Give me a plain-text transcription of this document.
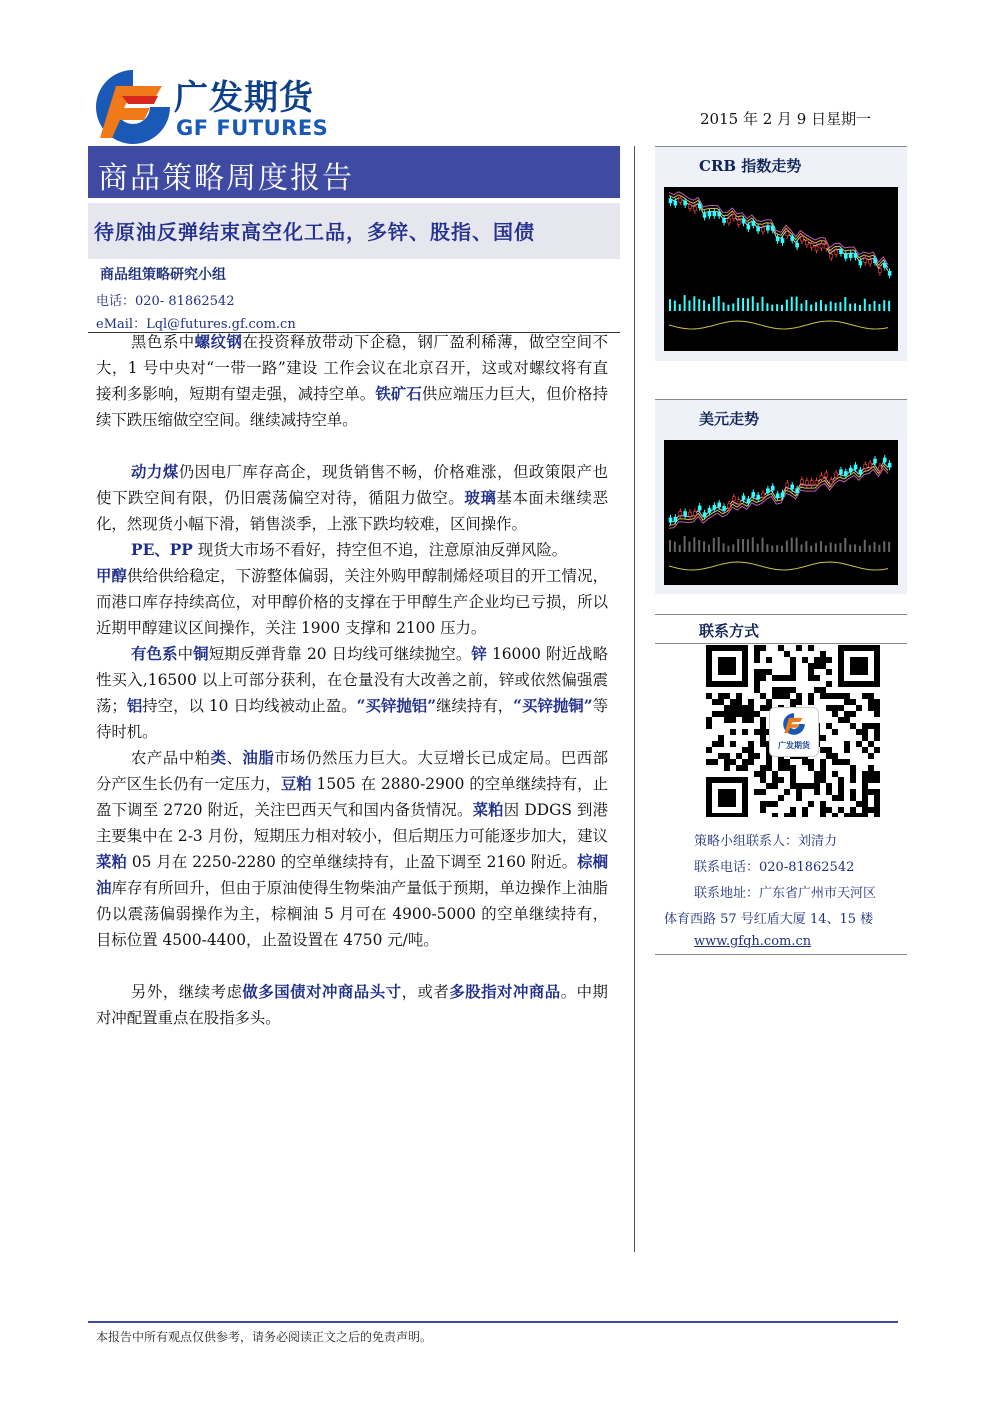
广发期货
GF FUTURES	2015 年 2 月 9 日星期一
商品策略周度报告
待原油反弹结束高空化工品，多锌、股指、国债
商品组策略研究小组
电话：020- 81862542
eMail：Lql@futures.gf.com.cn

黑色系中螺纹钢在投资释放带动下企稳，钢厂盈利稀薄，做空空间不大，1 号中央对“一带一路”建设 工作会议在北京召开，这或对螺纹将有直接利多影响，短期有望走强，减持空单。铁矿石供应端压力巨大，但价格持续下跌压缩做空空间。继续减持空单。

动力煤仍因电厂库存高企，现货销售不畅，价格难涨，但政策限产也使下跌空间有限，仍旧震荡偏空对待，循阻力做空。玻璃基本面未继续恶化，然现货小幅下滑，销售淡季，上涨下跌均较难，区间操作。

PE、PP 现货大市场不看好，持空但不追，注意原油反弹风险。

甲醇供给供给稳定，下游整体偏弱，关注外购甲醇制烯烃项目的开工情况，而港口库存持续高位，对甲醇价格的支撑在于甲醇生产企业均已亏损，所以近期甲醇建议区间操作，关注 1900 支撑和 2100 压力。

有色系中铜短期反弹背靠 20 日均线可继续抛空。锌 16000 附近战略性买入,16500 以上可部分获利，在仓量没有大改善之前，锌或依然偏强震荡；铝持空，以 10 日均线被动止盈。“买锌抛铝”继续持有，“买锌抛铜”等待时机。

农产品中粕类、油脂市场仍然压力巨大。大豆增长已成定局。巴西部分产区生长仍有一定压力，豆粕 1505 在 2880-2900 的空单继续持有，止盈下调至 2720 附近，关注巴西天气和国内备货情况。菜粕因 DDGS 到港主要集中在 2-3 月份，短期压力相对较小，但后期压力可能逐步加大，建议菜粕 05 月在 2250-2280 的空单继续持有，止盈下调至 2160 附近。棕榈油库存有所回升，但由于原油使得生物柴油产量低于预期，单边操作上油脂仍以震荡偏弱操作为主，棕榈油 5 月可在 4900-5000 的空单继续持有，目标位置 4500-4400，止盈设置在 4750 元/吨。

另外，继续考虑做多国债对冲商品头寸，或者多股指对冲商品。中期对冲配置重点在股指多头。

CRB 指数走势
美元走势
联系方式
广发期货
策略小组联系人：刘清力
联系电话：020-81862542
联系地址：广东省广州市天河区
体育西路 57 号红盾大厦 14、15 楼
www.gfqh.com.cn
本报告中所有观点仅供参考，请务必阅读正文之后的免责声明。
